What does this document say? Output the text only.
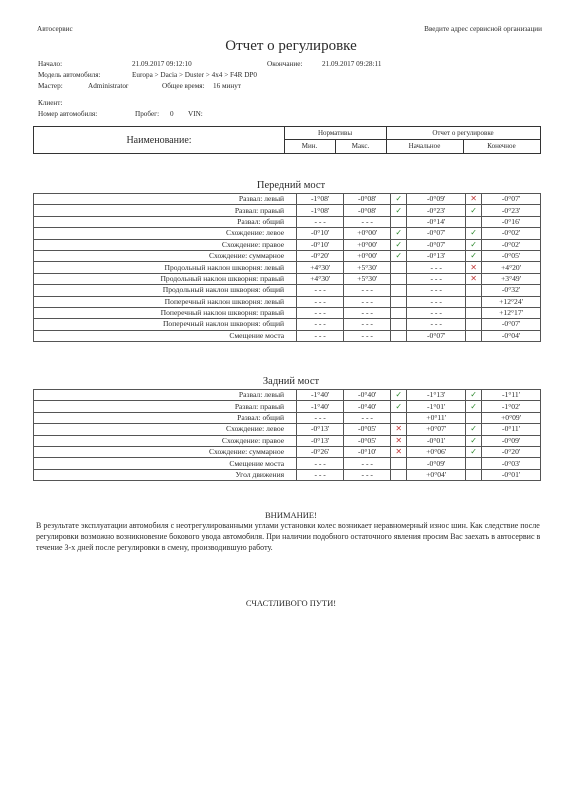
Автосервис	Введите адрес сервисной организации
Отчет о регулировке
Начало:	21.09.2017 09:12:10	Окончание:	21.09.2017 09:28:11
Модель автомобиля:	Europa > Dacia > Duster > 4x4 > F4R DP0
Мастер:	Administrator	Общее время: 16 минут
Клиент:
Номер автомобиля:	Пробег: 0 VIN:
Наименование:
Нормативы	Отчет о регулировке
Мин.	Макс.	Начальное	Конечное
Передний мост
Развал: левый	-1°08'	-0°08'	✓	-0°09'	✕	-0°07'
Развал: правый	-1°08'	-0°08'	✓	-0°23'	✓	-0°23'
Развал: общий	- - -	- - -		-0°14'		-0°16'
Схождение: левое	-0°10'	+0°00'	✓	-0°07'	✓	-0°02'
Схождение: правое	-0°10'	+0°00'	✓	-0°07'	✓	-0°02'
Схождение: суммарное	-0°20'	+0°00'	✓	-0°13'	✓	-0°05'
Продольный наклон шкворня: левый	+4°30'	+5°30'		- - -	✕	+4°20'
Продольный наклон шкворня: правый	+4°30'	+5°30'		- - -	✕	+3°49'
Продольный наклон шкворня: общий	- - -	- - -		- - -		-0°32'
Поперечный наклон шкворня: левый	- - -	- - -		- - -		+12°24'
Поперечный наклон шкворня: правый	- - -	- - -		- - -		+12°17'
Поперечный наклон шкворня: общий	- - -	- - -		- - -		-0°07'
Смещение моста	- - -	- - -		-0°07'		-0°04'
Задний мост
Развал: левый	-1°40'	-0°40'	✓	-1°13'	✓	-1°11'
Развал: правый	-1°40'	-0°40'	✓	-1°01'	✓	-1°02'
Развал: общий	- - -	- - -		+0°11'		+0°09'
Схождение: левое	-0°13'	-0°05'	✕	+0°07'	✓	-0°11'
Схождение: правое	-0°13'	-0°05'	✕	-0°01'	✓	-0°09'
Схождение: суммарное	-0°26'	-0°10'	✕	+0°06'	✓	-0°20'
Смещение моста	- - -	- - -		-0°09'		-0°03'
Угол движения	- - -	- - -		+0°04'		-0°01'
ВНИМАНИЕ!
В результате эксплуатации автомобиля с неотрегулированными углами установки колес возникает неравномерный износ шин. Как следствие после регулировки возможно возникновение бокового увода автомобиля. При наличии подобного остаточного явления просим Вас заехать в автосервис в течение 3-х дней после регулировки в смену, производившую работу.
СЧАСТЛИВОГО ПУТИ!
